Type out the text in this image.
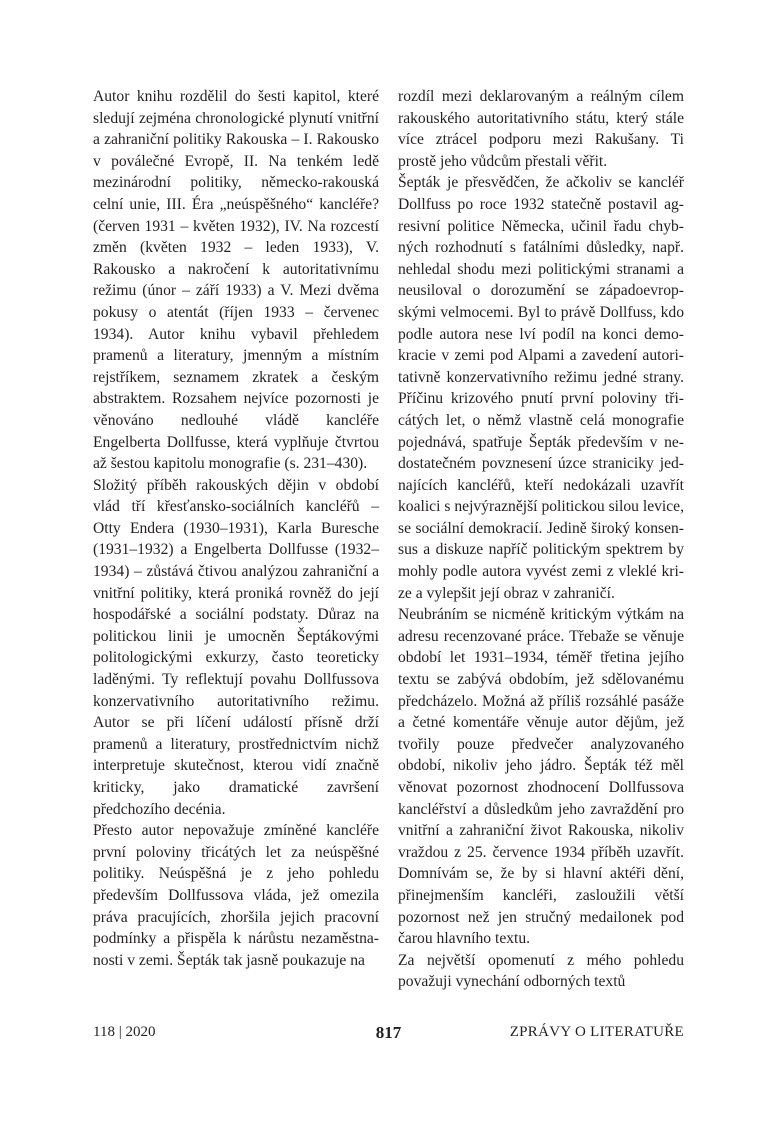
Autor knihu rozdělil do šesti kapitol, které sledují zejména chronologické plynutí vnitřní a zahraniční politiky Rakouska – I. Rakousko v poválečné Evropě, II. Na tenkém ledě mezinárodní politiky, německo-rakouská celní unie, III. Éra „neúspěšného“ kancléře? (červen 1931 – květen 1932), IV. Na rozcestí změn (květen 1932 – leden 1933), V. Rakousko a nakročení k autoritativnímu režimu (únor – září 1933) a V. Mezi dvěma pokusy o atentát (říjen 1933 – červenec 1934). Autor knihu vybavil přehledem pramenů a literatury, jmenným a místním rejstříkem, seznamem zkratek a českým abstraktem. Rozsahem nejvíce pozornosti je věnováno nedlouhé vládě kancléře Engelberta Dollfusse, která vyplňuje čtvrtou až šestou kapitolu monografie (s. 231–430).

Složitý příběh rakouských dějin v období vlád tří křesťansko-sociálních kancléřů – Otty Endera (1930–1931), Karla Buresche (1931–1932) a Engelberta Dollfusse (1932–1934) – zůstává čtivou analýzou zahraniční a vnitřní politiky, která proniká rovněž do její hospodářské a sociální podstaty. Důraz na politickou linii je umocněn Šeptákovými politologickými exkurzy, často teoreticky laděnými. Ty reflektují povahu Dollfussova konzervativního autoritativního režimu. Autor se při líčení událostí přísně drží pramenů a literatury, prostřednictvím nichž interpretuje skutečnost, kterou vidí značně kriticky, jako dramatické završení předchozího decénia.

Přesto autor nepovažuje zmíněné kancléře první poloviny třicátých let za neúspěšné politiky. Neúspěšná je z jeho pohledu především Dollfussova vláda, jež omezila práva pracujících, zhoršila jejich pracovní podmínky a přispěla k nárůstu nezaměstnanosti v zemi. Šepták tak jasně poukazuje na

rozdíl mezi deklarovaným a reálným cílem rakouského autoritativního státu, který stále více ztrácel podporu mezi Rakušany. Ti prostě jeho vůdcům přestali věřit.

Šepták je přesvědčen, že ačkoliv se kancléř Dollfuss po roce 1932 statečně postavil agresivní politice Německa, učinil řadu chybných rozhodnutí s fatálními důsledky, např. nehledal shodu mezi politickými stranami a neusiloval o dorozumění se západoevropskými velmocemi. Byl to právě Dollfuss, kdo podle autora nese lví podíl na konci demokracie v zemi pod Alpami a zavedení autoritativně konzervativního režimu jedné strany. Příčinu krizového pnutí první poloviny třicátých let, o němž vlastně celá monografie pojednává, spatřuje Šepták především v nedostatečném povznesení úzce straniciky jednajících kancléřů, kteří nedokázali uzavřít koalici s nejvýraznější politickou silou levice, se sociální demokracií. Jedině široký konsensus a diskuze napříč politickým spektrem by mohly podle autora vyvést zemi z vleklé krize a vylepšit její obraz v zahraničí.

Neubráním se nicméně kritickým výtkám na adresu recenzované práce. Třebaže se věnuje období let 1931–1934, téměř třetina jejího textu se zabývá obdobím, jež sdělovanému předcházelo. Možná až příliš rozsáhlé pasáže a četné komentáře věnuje autor dějům, jež tvořily pouze předvečer analyzovaného období, nikoliv jeho jádro. Šepták též měl věnovat pozornost zhodnocení Dollfussova kancléřství a důsledkům jeho zavraždění pro vnitřní a zahraniční život Rakouska, nikoliv vraždou z 25. července 1934 příběh uzavřít. Domnívám se, že by si hlavní aktéři dění, přinejmenším kancléři, zasloužili větší pozornost než jen stručný medailonek pod čarou hlavního textu.

Za největší opomenutí z mého pohledu považuji vynechání odborných textů

118 | 2020	817	ZPRÁVY O LITERATUŘE
